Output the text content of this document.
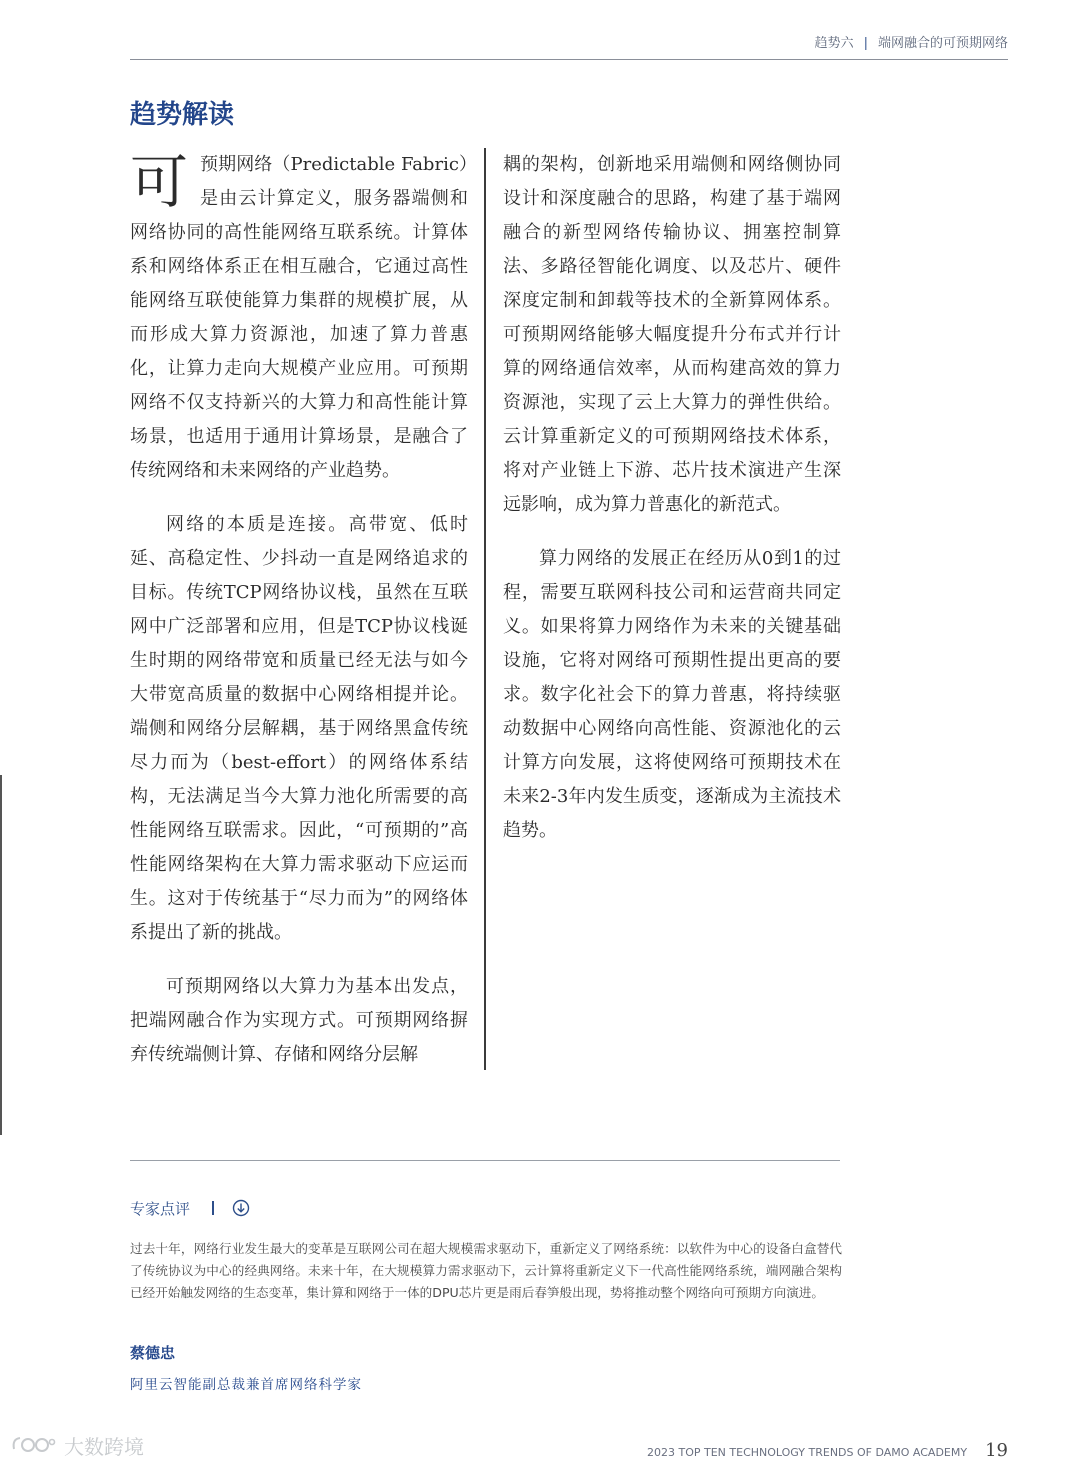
趋势六 | 端网融合的可预期网络
趋势解读

可预期网络（Predictable Fabric）是由云计算定义，服务器端侧和网络协同的高性能网络互联系统。计算体系和网络体系正在相互融合，它通过高性能网络互联使能算力集群的规模扩展，从而形成大算力资源池，加速了算力普惠化，让算力走向大规模产业应用。可预期网络不仅支持新兴的大算力和高性能计算场景，也适用于通用计算场景，是融合了传统网络和未来网络的产业趋势。

网络的本质是连接。高带宽、低时延、高稳定性、少抖动一直是网络追求的目标。传统TCP网络协议栈，虽然在互联网中广泛部署和应用，但是TCP协议栈诞生时期的网络带宽和质量已经无法与如今大带宽高质量的数据中心网络相提并论。端侧和网络分层解耦，基于网络黑盒传统尽力而为（best-effort）的网络体系结构，无法满足当今大算力池化所需要的高性能网络互联需求。因此，“可预期的”高性能网络架构在大算力需求驱动下应运而生。这对于传统基于“尽力而为”的网络体系提出了新的挑战。

可预期网络以大算力为基本出发点，把端网融合作为实现方式。可预期网络摒弃传统端侧计算、存储和网络分层解

耦的架构，创新地采用端侧和网络侧协同设计和深度融合的思路，构建了基于端网融合的新型网络传输协议、拥塞控制算法、多路径智能化调度、以及芯片、硬件深度定制和卸载等技术的全新算网体系。可预期网络能够大幅度提升分布式并行计算的网络通信效率，从而构建高效的算力资源池，实现了云上大算力的弹性供给。云计算重新定义的可预期网络技术体系，将对产业链上下游、芯片技术演进产生深远影响，成为算力普惠化的新范式。

算力网络的发展正在经历从0到1的过程，需要互联网科技公司和运营商共同定义。如果将算力网络作为未来的关键基础设施，它将对网络可预期性提出更高的要求。数字化社会下的算力普惠，将持续驱动数据中心网络向高性能、资源池化的云计算方向发展，这将使网络可预期技术在未来2-3年内发生质变，逐渐成为主流技术趋势。

专家点评

过去十年，网络行业发生最大的变革是互联网公司在超大规模需求驱动下，重新定义了网络系统：以软件为中心的设备白盒替代了传统协议为中心的经典网络。未来十年，在大规模算力需求驱动下，云计算将重新定义下一代高性能网络系统，端网融合架构已经开始触发网络的生态变革，集计算和网络于一体的DPU芯片更是雨后春笋般出现，势将推动整个网络向可预期方向演进。

蔡德忠

阿里云智能副总裁兼首席网络科学家

大数跨境	2023 TOP TEN TECHNOLOGY TRENDS OF DAMO ACADEMY 19
